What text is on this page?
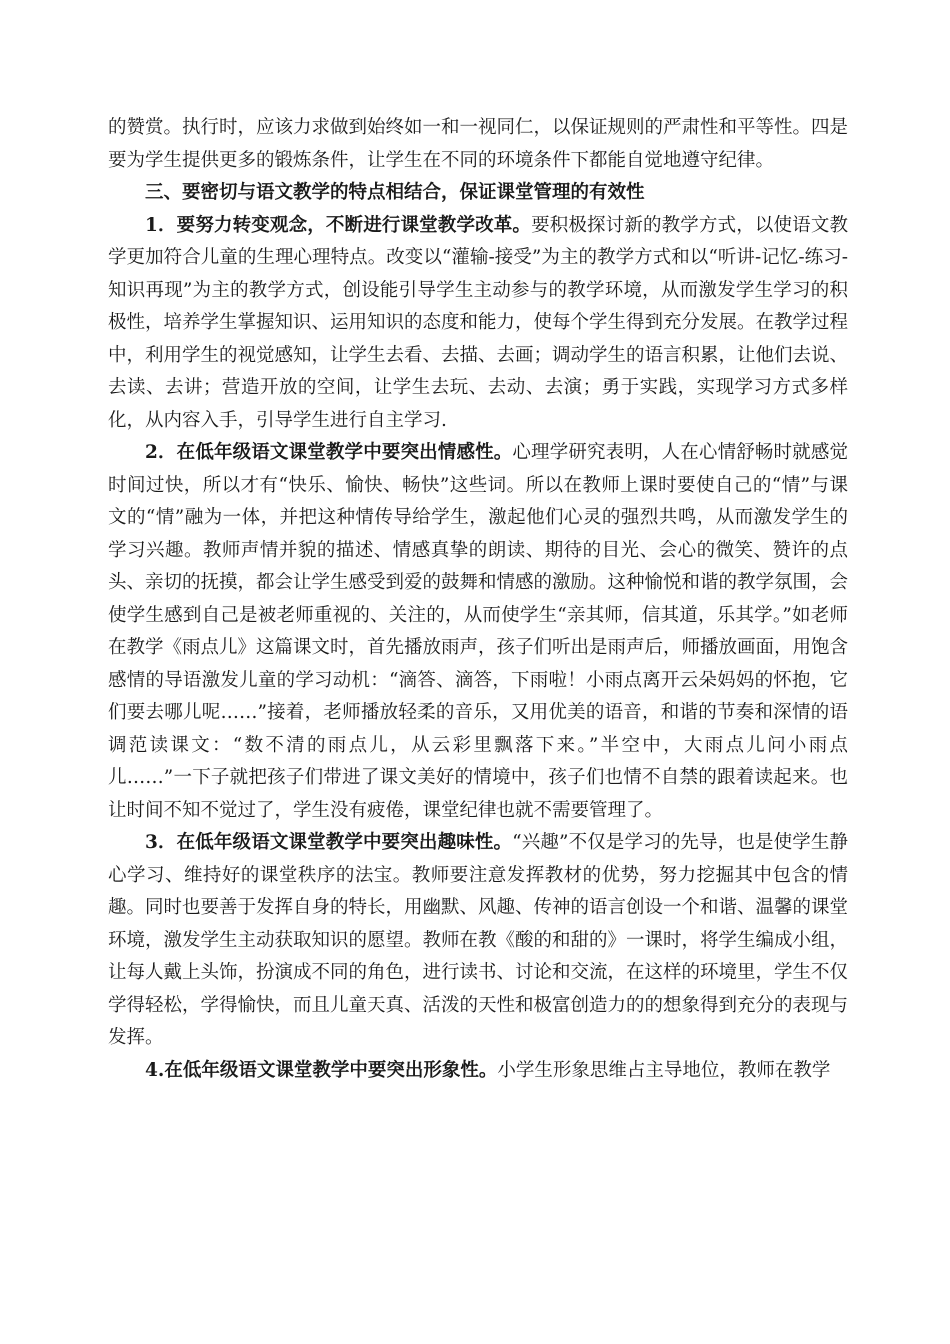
的赞赏。执行时，应该力求做到始终如一和一视同仁，以保证规则的严肃性和平等性。四是要为学生提供更多的锻炼条件，让学生在不同的环境条件下都能自觉地遵守纪律。

三、要密切与语文教学的特点相结合，保证课堂管理的有效性

1．要努力转变观念，不断进行课堂教学改革。要积极探讨新的教学方式，以使语文教学更加符合儿童的生理心理特点。改变以“灌输-接受”为主的教学方式和以“听讲-记忆-练习-知识再现”为主的教学方式，创设能引导学生主动参与的教学环境，从而激发学生学习的积极性，培养学生掌握知识、运用知识的态度和能力，使每个学生得到充分发展。在教学过程中，利用学生的视觉感知，让学生去看、去描、去画；调动学生的语言积累，让他们去说、去读、去讲；营造开放的空间，让学生去玩、去动、去演；勇于实践，实现学习方式多样化，从内容入手，引导学生进行自主学习.

2．在低年级语文课堂教学中要突出情感性。心理学研究表明，人在心情舒畅时就感觉时间过快，所以才有“快乐、愉快、畅快”这些词。所以在教师上课时要使自己的“情”与课文的“情”融为一体，并把这种情传导给学生，激起他们心灵的强烈共鸣，从而激发学生的学习兴趣。教师声情并貌的描述、情感真挚的朗读、期待的目光、会心的微笑、赞许的点头、亲切的抚摸，都会让学生感受到爱的鼓舞和情感的激励。这种愉悦和谐的教学氛围，会使学生感到自己是被老师重视的、关注的，从而使学生“亲其师，信其道，乐其学。”如老师在教学《雨点儿》这篇课文时，首先播放雨声，孩子们听出是雨声后，师播放画面，用饱含感情的导语激发儿童的学习动机：“滴答、滴答，下雨啦！小雨点离开云朵妈妈的怀抱，它们要去哪儿呢……”接着，老师播放轻柔的音乐，又用优美的语音，和谐的节奏和深情的语调范读课文：“数不清的雨点儿，从云彩里飘落下来。”半空中，大雨点儿问小雨点儿……”一下子就把孩子们带进了课文美好的情境中，孩子们也情不自禁的跟着读起来。也让时间不知不觉过了，学生没有疲倦，课堂纪律也就不需要管理了。

3．在低年级语文课堂教学中要突出趣味性。“兴趣”不仅是学习的先导，也是使学生静心学习、维持好的课堂秩序的法宝。教师要注意发挥教材的优势，努力挖掘其中包含的情趣。同时也要善于发挥自身的特长，用幽默、风趣、传神的语言创设一个和谐、温馨的课堂环境，激发学生主动获取知识的愿望。教师在教《酸的和甜的》一课时，将学生编成小组，让每人戴上头饰，扮演成不同的角色，进行读书、讨论和交流，在这样的环境里，学生不仅学得轻松，学得愉快，而且儿童天真、活泼的天性和极富创造力的的想象得到充分的表现与发挥。

4.在低年级语文课堂教学中要突出形象性。小学生形象思维占主导地位，教师在教学
